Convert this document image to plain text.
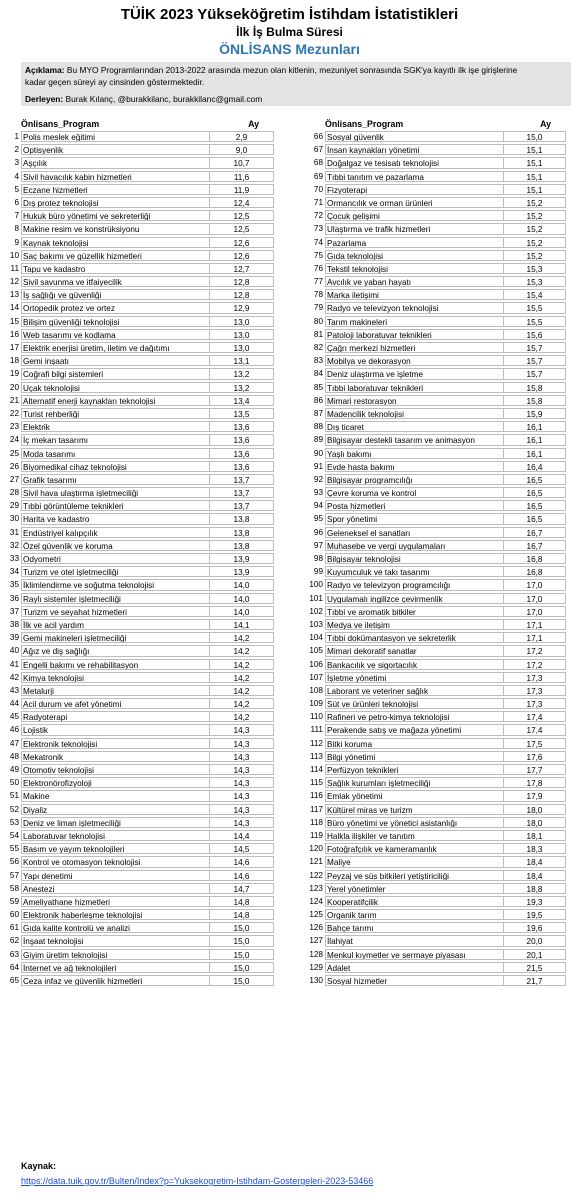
TÜİK 2023 Yükseköğretim İstihdam İstatistikleri
İlk İş Bulma Süresi
ÖNLİSANS Mezunları
Açıklama: Bu MYO Programlarından 2013-2022 arasında mezun olan kitlenin, mezuniyet sonrasında SGK'ya kayıtlı ilk işe girişlerine
kadar geçen süreyi ay cinsinden göstermektedir.
Derleyen: Burak Kılanç, @burakkilanc, burakkilanc@gmail.com
Önlisans_Program	Ay
1 Polis meslek eğitimi	2,9
2 Optisyenlik	9,0
3 Aşçılık	10,7
4 Sivil havacılık kabin hizmetleri	11,6
5 Eczane hizmetleri	11,9
6 Dış protez teknolojisi	12,4
7 Hukuk büro yönetimi ve sekreterliği	12,5
8 Makine resim ve konstrüksiyonu	12,5
9 Kaynak teknolojisi	12,6
10 Saç bakımı ve güzellik hizmetleri	12,6
11 Tapu ve kadastro	12,7
12 Sivil savunma ve itfaiyecilik	12,8
13 İş sağlığı ve güvenliği	12,8
14 Ortopedik protez ve ortez	12,9
15 Bilişim güvenliği teknolojisi	13,0
16 Web tasarımı ve kodlama	13,0
17 Elektrik enerjisi üretim, iletim ve dağıtımı	13,0
18 Gemi inşaatı	13,1
19 Coğrafi bilgi sistemleri	13,2
20 Uçak teknolojisi	13,2
21 Alternatif enerji kaynakları teknolojisi	13,4
22 Turist rehberliği	13,5
23 Elektrik	13,6
24 İç mekan tasarımı	13,6
25 Moda tasarımı	13,6
26 Biyomedikal cihaz teknolojisi	13,6
27 Grafik tasarımı	13,7
28 Sivil hava ulaştırma işletmeciliği	13,7
29 Tıbbi görüntüleme teknikleri	13,7
30 Harita ve kadastro	13,8
31 Endüstriyel kalıpçılık	13,8
32 Özel güvenlik ve koruma	13,8
33 Odyometri	13,9
34 Turizm ve otel işletmeciliği	13,9
35 İklimlendirme ve soğutma teknolojisi	14,0
36 Raylı sistemler işletmeciliği	14,0
37 Turizm ve seyahat hizmetleri	14,0
38 İlk ve acil yardım	14,1
39 Gemi makineleri işletmeciliği	14,2
40 Ağız ve diş sağlığı	14,2
41 Engelli bakımı ve rehabilitasyon	14,2
42 Kimya teknolojisi	14,2
43 Metalurji	14,2
44 Acil durum ve afet yönetimi	14,2
45 Radyoterapi	14,2
46 Lojistik	14,3
47 Elektronik teknolojisi	14,3
48 Mekatronik	14,3
49 Otomotiv teknolojisi	14,3
50 Elektronörofizyoloji	14,3
51 Makine	14,3
52 Diyaliz	14,3
53 Deniz ve liman işletmeciliği	14,3
54 Laboratuvar teknolojisi	14,4
55 Basım ve yayım teknolojileri	14,5
56 Kontrol ve otomasyon teknolojisi	14,6
57 Yapı denetimi	14,6
58 Anestezi	14,7
59 Ameliyathane hizmetleri	14,8
60 Elektronik haberleşme teknolojisi	14,8
61 Gıda kalite kontrolü ve analizi	15,0
62 İnşaat teknolojisi	15,0
63 Giyim üretim teknolojisi	15,0
64 İnternet ve ağ teknolojileri	15,0
65 Ceza infaz ve güvenlik hizmetleri	15,0
Önlisans_Program	Ay
66 Sosyal güvenlik	15,0
67 İnsan kaynakları yönetimi	15,1
68 Doğalgaz ve tesisatı teknolojisi	15,1
69 Tıbbi tanıtım ve pazarlama	15,1
70 Fizyoterapi	15,1
71 Ormancılık ve orman ürünleri	15,2
72 Çocuk gelişimi	15,2
73 Ulaştırma ve trafik hizmetleri	15,2
74 Pazarlama	15,2
75 Gıda teknolojisi	15,2
76 Tekstil teknolojisi	15,3
77 Avcılık ve yaban hayatı	15,3
78 Marka iletişimi	15,4
79 Radyo ve televizyon teknolojisi	15,5
80 Tarım makineleri	15,5
81 Patoloji laboratuvar teknikleri	15,6
82 Çağrı merkezi hizmetleri	15,7
83 Mobilya ve dekorasyon	15,7
84 Deniz ulaştırma ve işletme	15,7
85 Tıbbi laboratuvar teknikleri	15,8
86 Mimari restorasyon	15,8
87 Madencilik teknolojisi	15,9
88 Dış ticaret	16,1
89 Bilgisayar destekli tasarım ve animasyon	16,1
90 Yaşlı bakımı	16,1
91 Evde hasta bakımı	16,4
92 Bilgisayar programcılığı	16,5
93 Çevre koruma ve kontrol	16,5
94 Posta hizmetleri	16,5
95 Spor yönetimi	16,5
96 Geleneksel el sanatları	16,7
97 Muhasebe ve vergi uygulamaları	16,7
98 Bilgisayar teknolojisi	16,8
99 Kuyumculuk ve takı tasarımı	16,8
100 Radyo ve televizyon programcılığı	17,0
101 Uygulamalı ingilizce çevirmenlik	17,0
102 Tıbbi ve aromatik bitkiler	17,0
103 Medya ve iletişim	17,1
104 Tıbbi dokümantasyon ve sekreterlik	17,1
105 Mimari dekoratif sanatlar	17,2
106 Bankacılık ve sigortacılık	17,2
107 İşletme yönetimi	17,3
108 Laborant ve veteriner sağlık	17,3
109 Süt ve ürünleri teknolojisi	17,3
110 Rafineri ve petro-kimya teknolojisi	17,4
111 Perakende satış ve mağaza yönetimi	17,4
112 Bitki koruma	17,5
113 Bilgi yönetimi	17,6
114 Perfüzyon teknikleri	17,7
115 Sağlık kurumları işletmeciliği	17,8
116 Emlak yönetimi	17,9
117 Kültürel miras ve turizm	18,0
118 Büro yönetimi ve yönetici asistanlığı	18,0
119 Halkla ilişkiler ve tanıtım	18,1
120 Fotoğrafçılık ve kameramanlık	18,3
121 Maliye	18,4
122 Peyzaj ve süs bitkileri yetiştiriciliği	18,4
123 Yerel yönetimler	18,8
124 Kooperatifçilik	19,3
125 Organik tarım	19,5
126 Bahçe tarımı	19,6
127 İlahiyat	20,0
128 Menkul kıymetler ve sermaye piyasası	20,1
129 Adalet	21,5
130 Sosyal hizmetler	21,7
Kaynak:
https://data.tuik.gov.tr/Bulten/Index?p=Yuksekogretim-Istihdam-Gostergeleri-2023-53466
